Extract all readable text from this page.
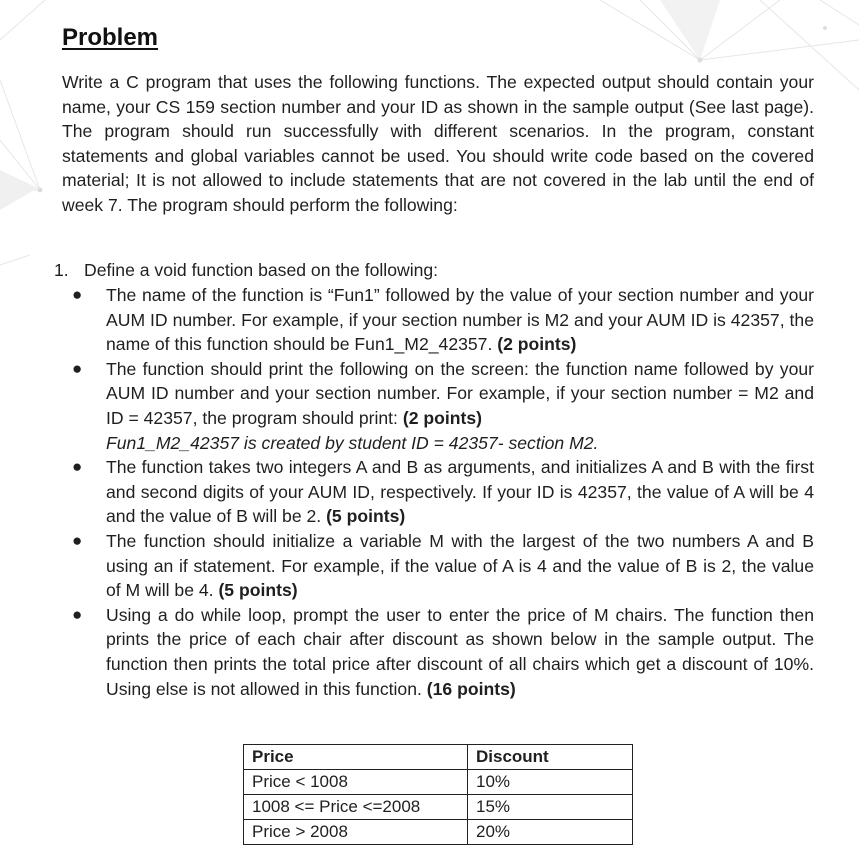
Problem

Write a C program that uses the following functions. The expected output should contain your name, your CS 159 section number and your ID as shown in the sample output (See last page). The program should run successfully with different scenarios. In the program, constant statements and global variables cannot be used. You should write code based on the covered material; It is not allowed to include statements that are not covered in the lab until the end of week 7. The program should perform the following:

1. Define a void function based on the following:
● The name of the function is “Fun1” followed by the value of your section number and your AUM ID number. For example, if your section number is M2 and your AUM ID is 42357, the name of this function should be Fun1_M2_42357. (2 points)
● The function should print the following on the screen: the function name followed by your AUM ID number and your section number. For example, if your section number = M2 and ID = 42357, the program should print: (2 points)
Fun1_M2_42357 is created by student ID = 42357- section M2.
● The function takes two integers A and B as arguments, and initializes A and B with the first and second digits of your AUM ID, respectively. If your ID is 42357, the value of A will be 4 and the value of B will be 2. (5 points)
● The function should initialize a variable M with the largest of the two numbers A and B using an if statement. For example, if the value of A is 4 and the value of B is 2, the value of M will be 4. (5 points)
● Using a do while loop, prompt the user to enter the price of M chairs. The function then prints the price of each chair after discount as shown below in the sample output. The function then prints the total price after discount of all chairs which get a discount of 10%. Using else is not allowed in this function. (16 points)
Price	Discount
Price < 1008	10%
1008 <= Price <=2008	15%
Price > 2008	20%
